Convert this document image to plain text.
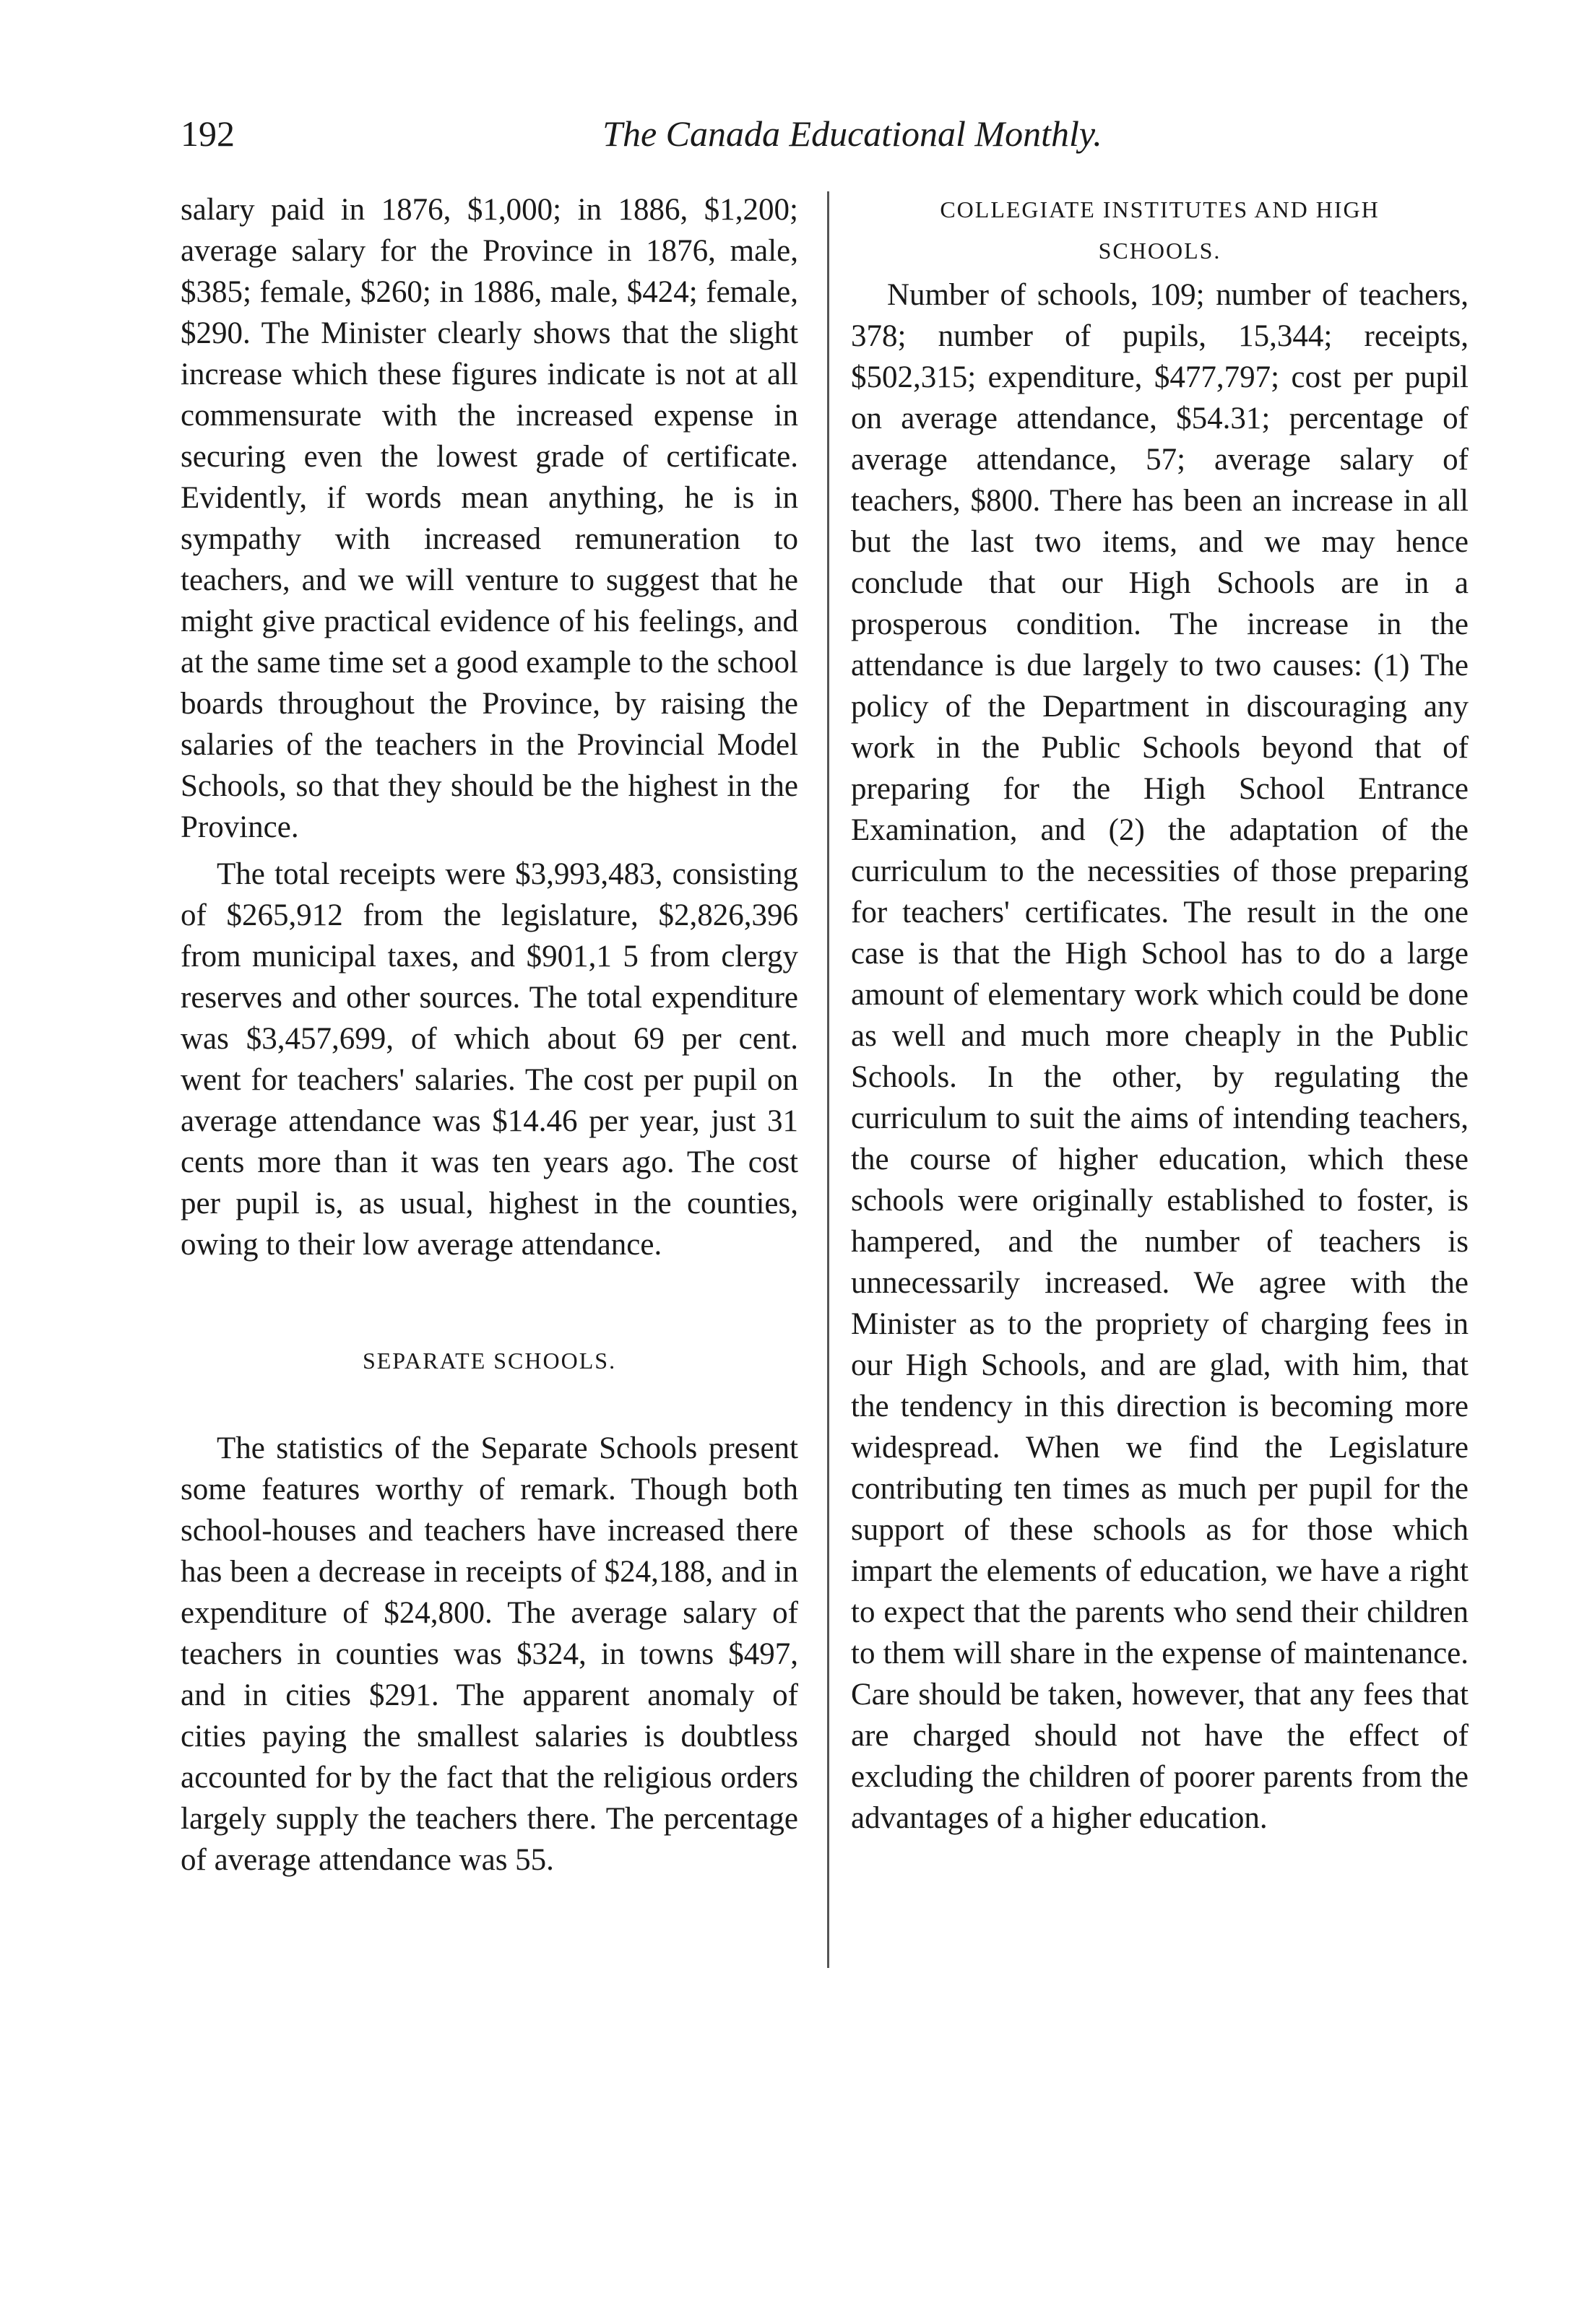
192	The Canada Educational Monthly.

salary paid in 1876, $1,000; in 1886, $1,200; average salary for the Province in 1876, male, $385; female, $260; in 1886, male, $424; female, $290. The Minister clearly shows that the slight increase which these figures indicate is not at all commensurate with the increased expense in securing even the lowest grade of certificate. Evidently, if words mean anything, he is in sympathy with increased remuneration to teachers, and we will venture to suggest that he might give practical evidence of his feelings, and at the same time set a good example to the school boards throughout the Province, by raising the salaries of the teachers in the Provincial Model Schools, so that they should be the highest in the Province.

The total receipts were $3,993,483, consisting of $265,912 from the legislature, $2,826,396 from municipal taxes, and $901,1 5 from clergy reserves and other sources. The total expenditure was $3,457,699, of which about 69 per cent. went for teachers' salaries. The cost per pupil on average attendance was $14.46 per year, just 31 cents more than it was ten years ago. The cost per pupil is, as usual, highest in the counties, owing to their low average attendance.

SEPARATE SCHOOLS.

The statistics of the Separate Schools present some features worthy of remark. Though both school-houses and teachers have increased there has been a decrease in receipts of $24,188, and in expenditure of $24,800. The average salary of teachers in counties was $324, in towns $497, and in cities $291. The apparent anomaly of cities paying the smallest salaries is doubtless accounted for by the fact that the religious orders largely supply the teachers there. The percentage of average attendance was 55.

COLLEGIATE INSTITUTES AND HIGH SCHOOLS.

Number of schools, 109; number of teachers, 378; number of pupils, 15,344; receipts, $502,315; expenditure, $477,797; cost per pupil on average attendance, $54.31; percentage of average attendance, 57; average salary of teachers, $800. There has been an increase in all but the last two items, and we may hence conclude that our High Schools are in a prosperous condition. The increase in the attendance is due largely to two causes: (1) The policy of the Department in discouraging any work in the Public Schools beyond that of preparing for the High School Entrance Examination, and (2) the adaptation of the curriculum to the necessities of those preparing for teachers' certificates. The result in the one case is that the High School has to do a large amount of elementary work which could be done as well and much more cheaply in the Public Schools. In the other, by regulating the curriculum to suit the aims of intending teachers, the course of higher education, which these schools were originally established to foster, is hampered, and the number of teachers is unnecessarily increased. We agree with the Minister as to the propriety of charging fees in our High Schools, and are glad, with him, that the tendency in this direction is becoming more widespread. When we find the Legislature contributing ten times as much per pupil for the support of these schools as for those which impart the elements of education, we have a right to expect that the parents who send their children to them will share in the expense of maintenance. Care should be taken, however, that any fees that are charged should not have the effect of excluding the children of poorer parents from the advantages of a higher education.
